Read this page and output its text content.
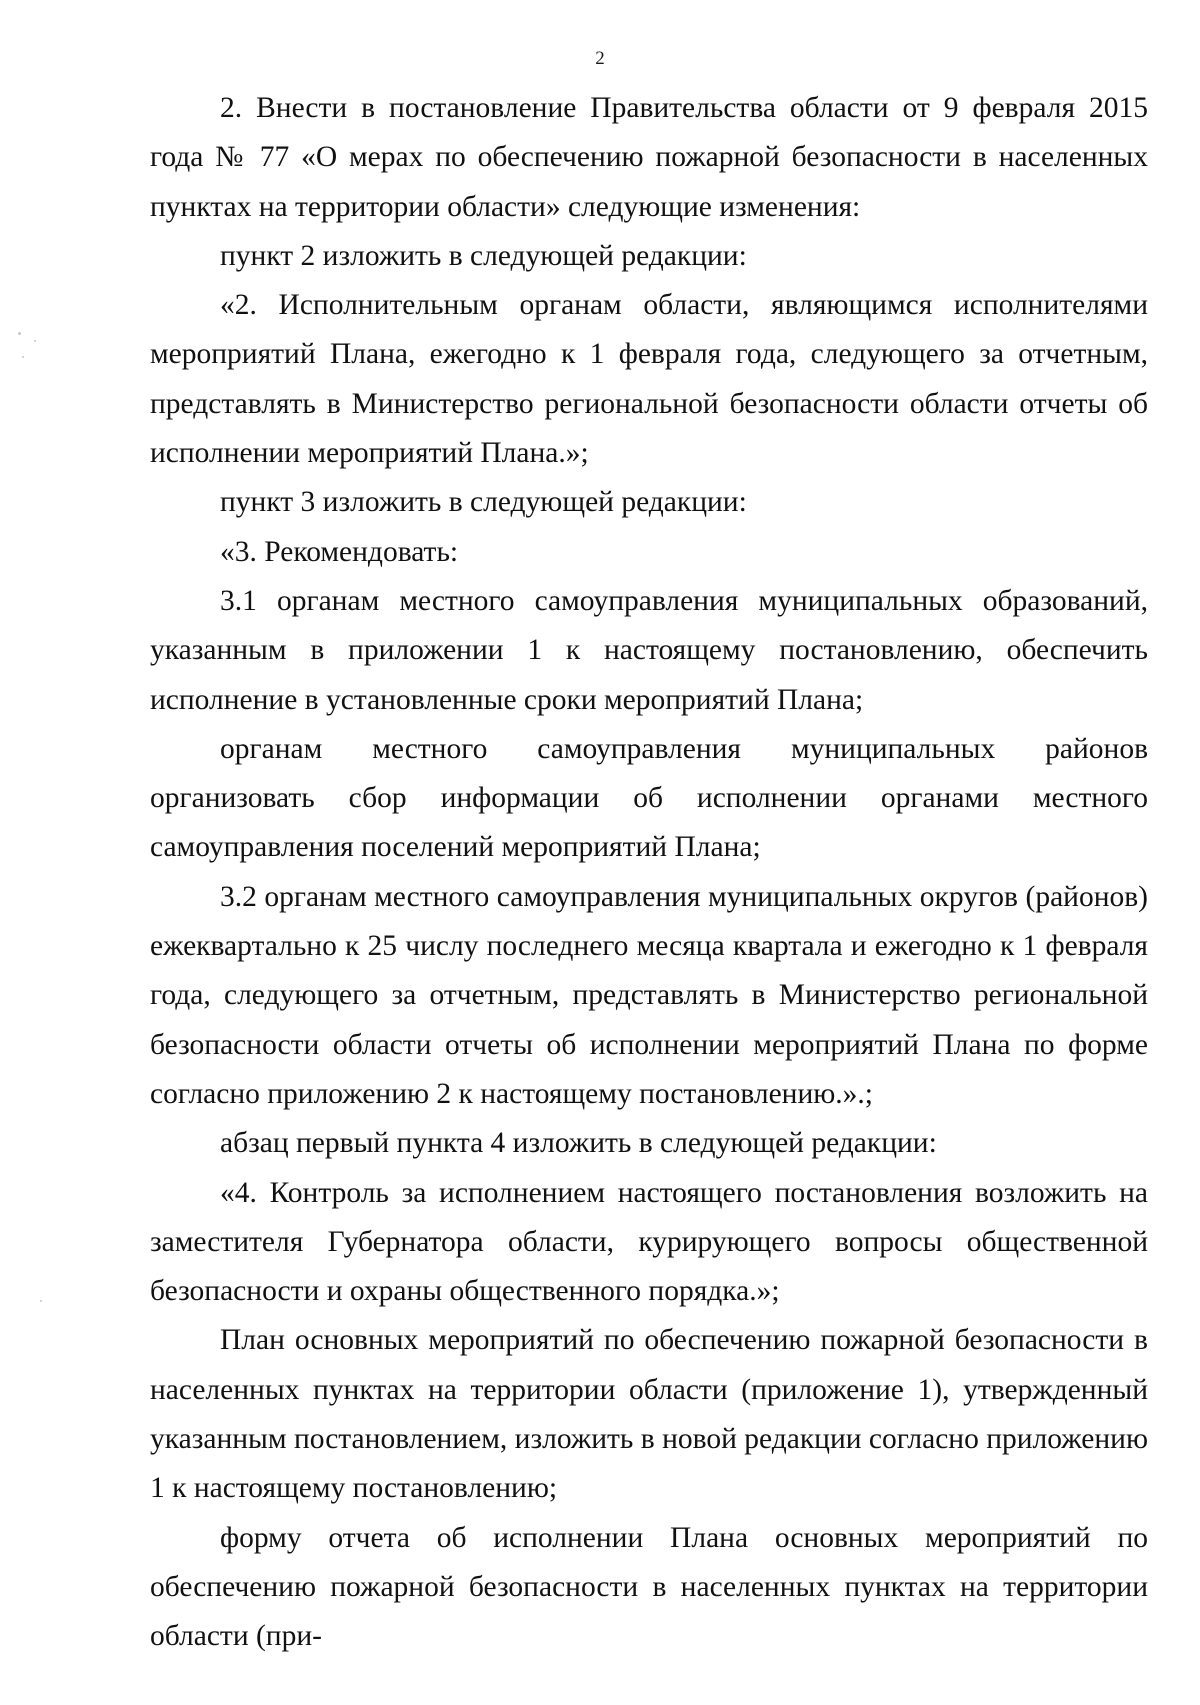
2

2. Внести в постановление Правительства области от 9 февраля 2015 года № 77 «О мерах по обеспечению пожарной безопасности в населенных пунктах на территории области» следующие изменения:

пункт 2 изложить в следующей редакции:

«2. Исполнительным органам области, являющимся исполнителями мероприятий Плана, ежегодно к 1 февраля года, следующего за отчетным, представлять в Министерство региональной безопасности области отчеты об исполнении мероприятий Плана.»;

пункт 3 изложить в следующей редакции:

«3. Рекомендовать:

3.1 органам местного самоуправления муниципальных образований, указанным в приложении 1 к настоящему постановлению, обеспечить исполнение в установленные сроки мероприятий Плана;

органам местного самоуправления муниципальных районов организовать сбор информации об исполнении органами местного самоуправления поселений мероприятий Плана;

3.2 органам местного самоуправления муниципальных округов (районов) ежеквартально к 25 числу последнего месяца квартала и ежегодно к 1 февраля года, следующего за отчетным, представлять в Министерство региональной безопасности области отчеты об исполнении мероприятий Плана по форме согласно приложению 2 к настоящему постановлению.».;

абзац первый пункта 4 изложить в следующей редакции:

«4. Контроль за исполнением настоящего постановления возложить на заместителя Губернатора области, курирующего вопросы общественной безопасности и охраны общественного порядка.»;

План основных мероприятий по обеспечению пожарной безопасности в населенных пунктах на территории области (приложение 1), утвержденный указанным постановлением, изложить в новой редакции согласно приложению 1 к настоящему постановлению;

форму отчета об исполнении Плана основных мероприятий по обеспечению пожарной безопасности в населенных пунктах на территории области (при-
